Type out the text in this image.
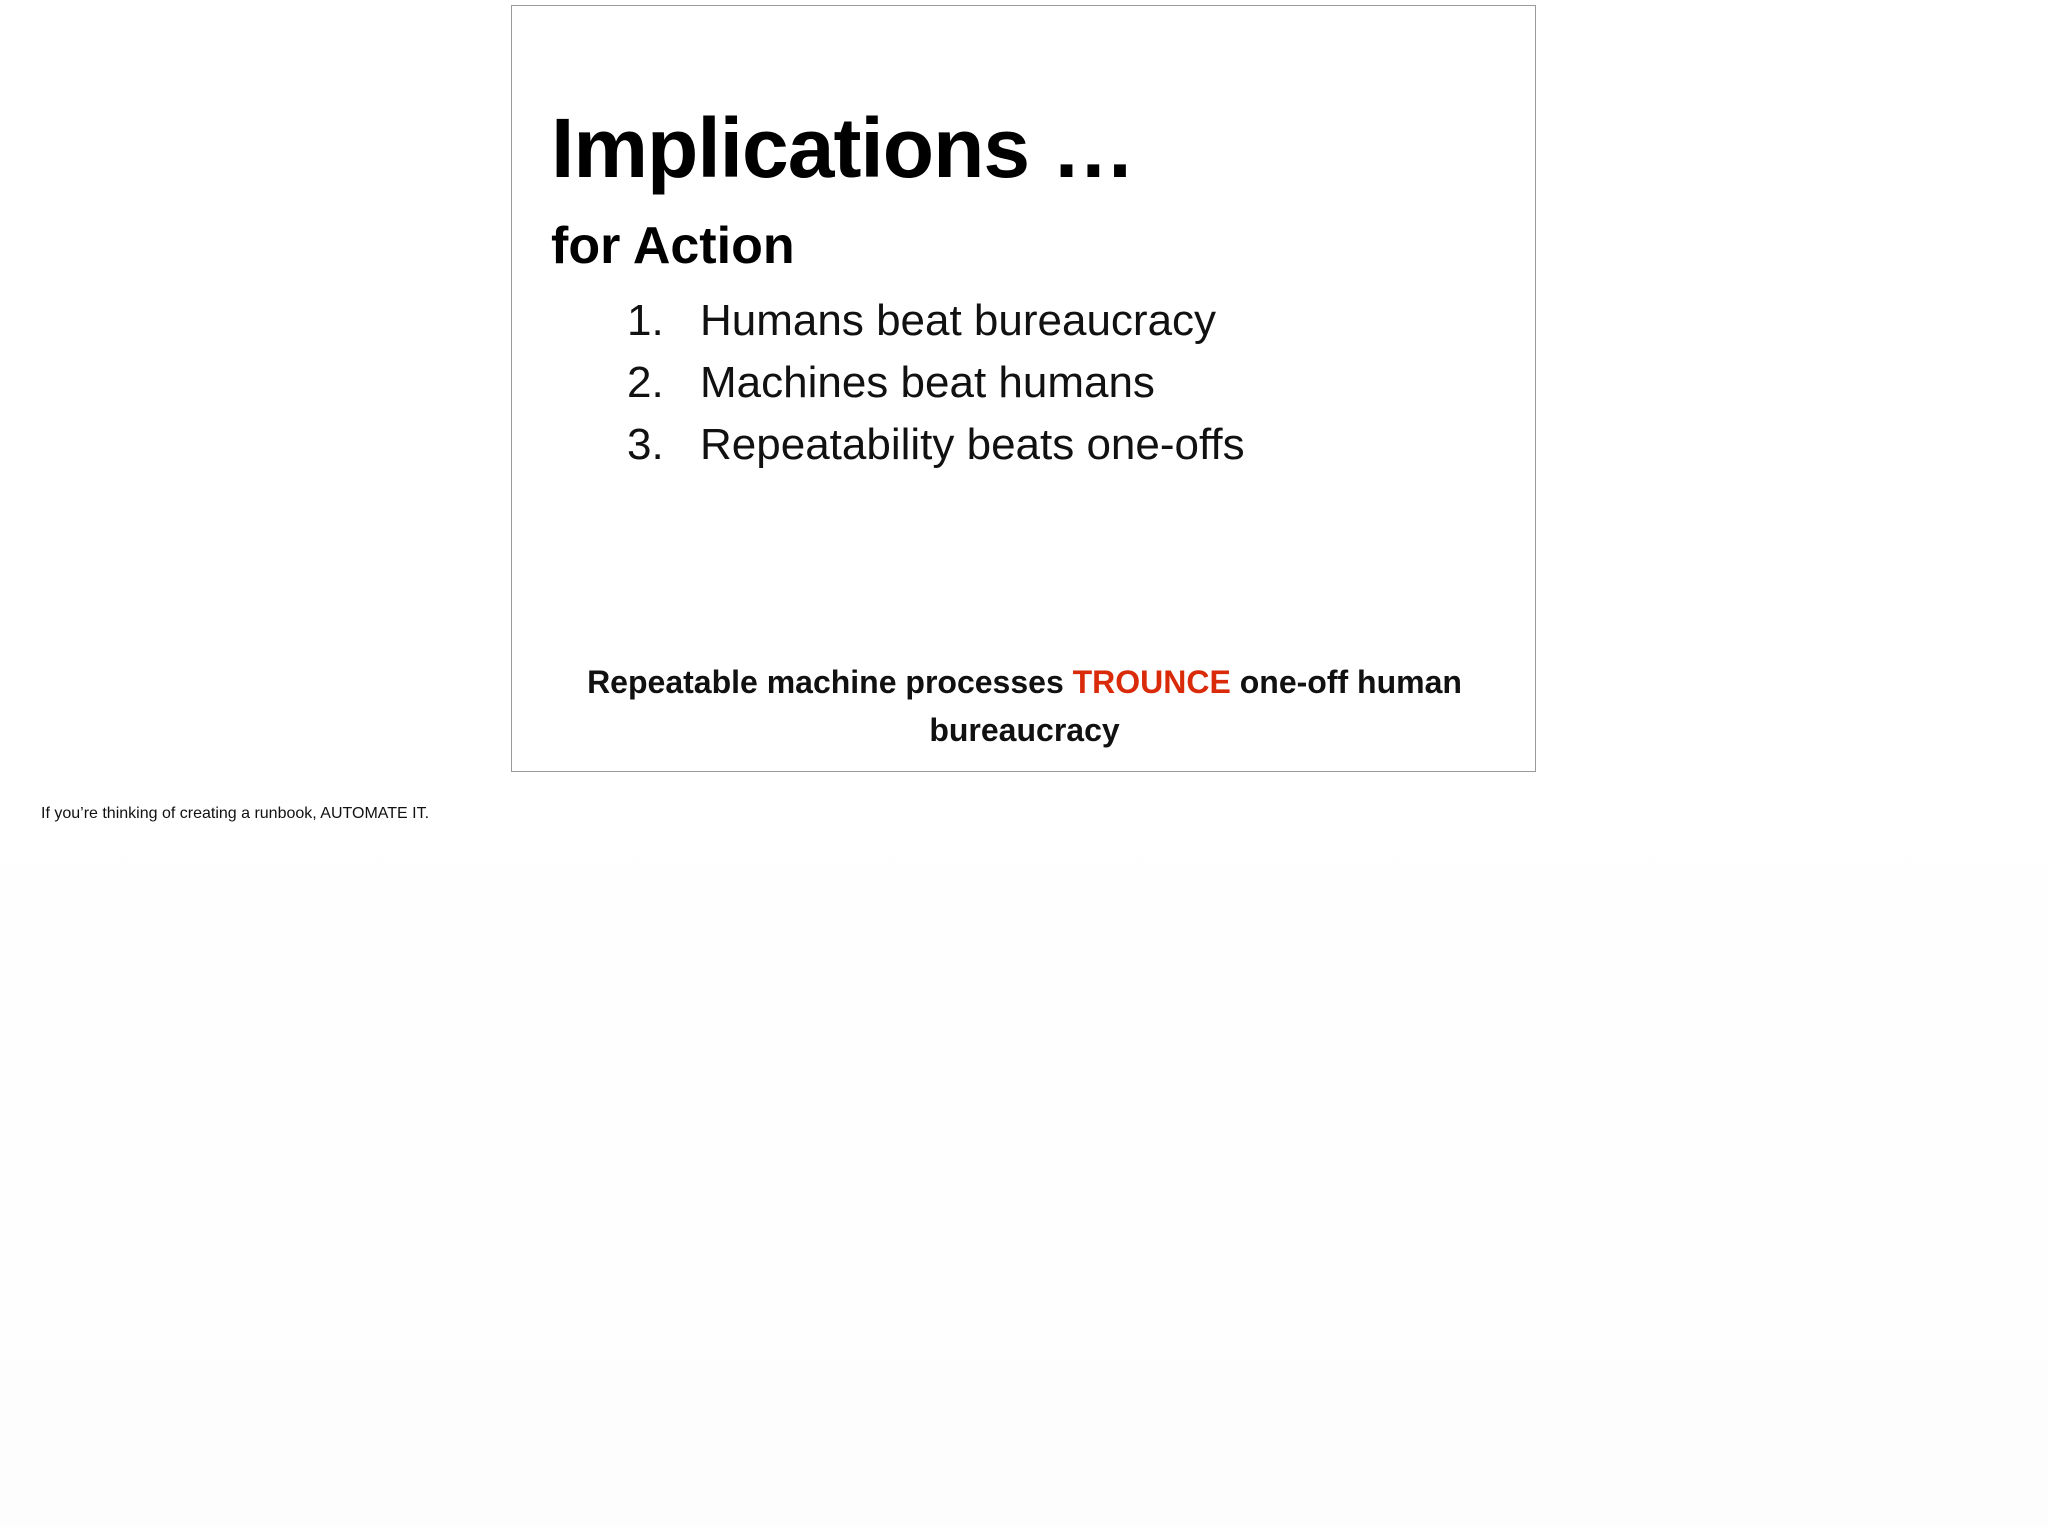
Implications …
for Action
1. Humans beat bureaucracy
2. Machines beat humans
3. Repeatability beats one-offs

Repeatable machine processes TROUNCE one-off human bureaucracy

If you’re thinking of creating a runbook, AUTOMATE IT.
